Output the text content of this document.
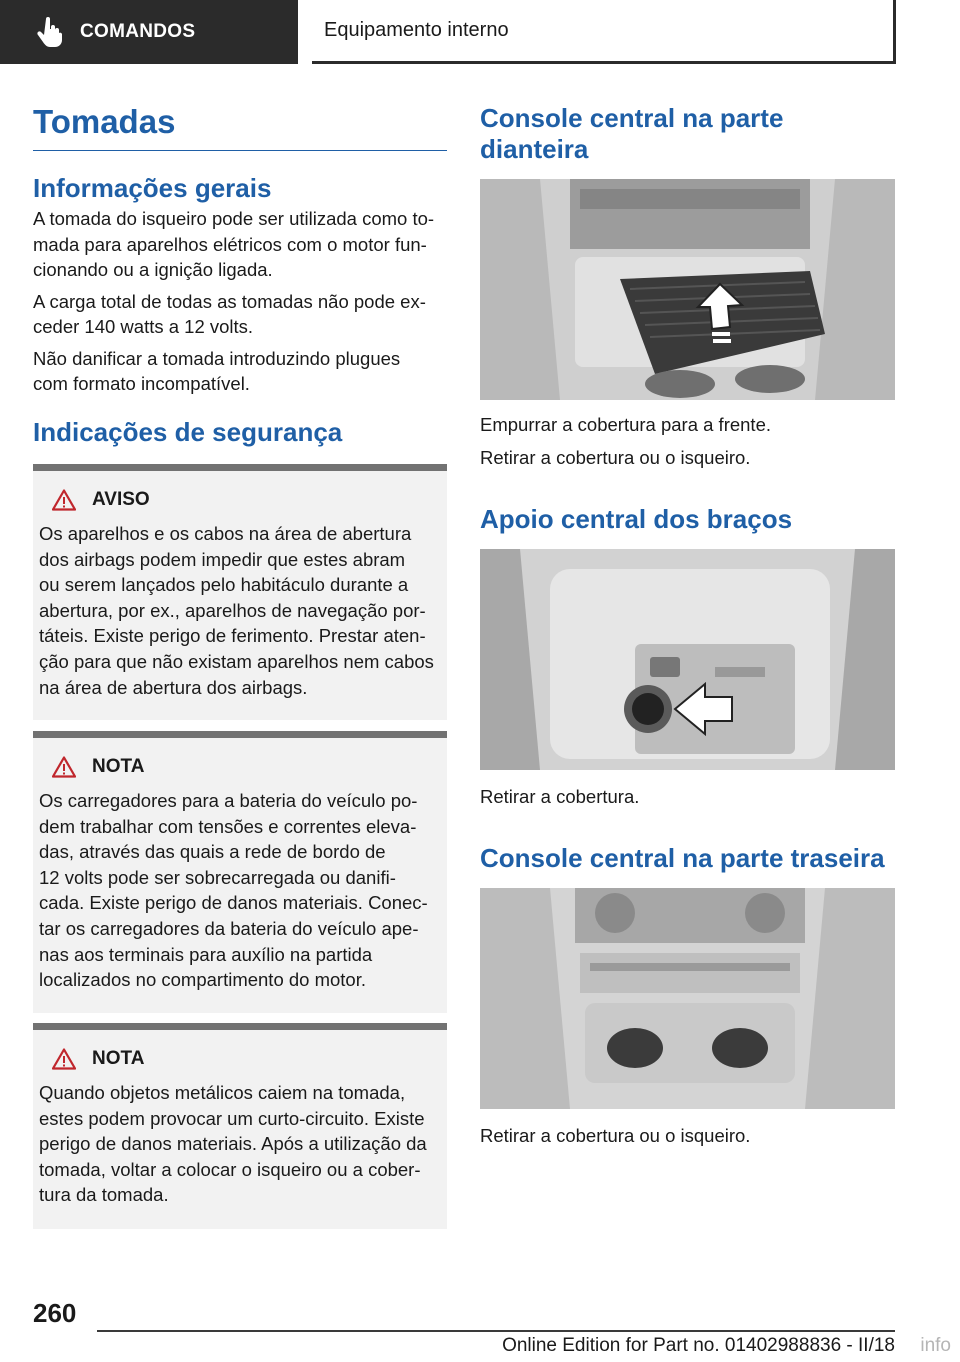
COMANDOS	Equipamento interno
Tomadas
Informações gerais
A tomada do isqueiro pode ser utilizada como to-
mada para aparelhos elétricos com o motor fun-
cionando ou a ignição ligada.
A carga total de todas as tomadas não pode ex-
ceder 140 watts a 12 volts.
Não danificar a tomada introduzindo plugues
com formato incompatível.
Indicações de segurança
AVISO
Os aparelhos e os cabos na área de abertura
dos airbags podem impedir que estes abram
ou serem lançados pelo habitáculo durante a
abertura, por ex., aparelhos de navegação por-
táteis. Existe perigo de ferimento. Prestar aten-
ção para que não existam aparelhos nem cabos
na área de abertura dos airbags.
NOTA
Os carregadores para a bateria do veículo po-
dem trabalhar com tensões e correntes eleva-
das, através das quais a rede de bordo de
12 volts pode ser sobrecarregada ou danifi-
cada. Existe perigo de danos materiais. Conec-
tar os carregadores da bateria do veículo ape-
nas aos terminais para auxílio na partida
localizados no compartimento do motor.
NOTA
Quando objetos metálicos caiem na tomada,
estes podem provocar um curto-circuito. Existe
perigo de danos materiais. Após a utilização da
tomada, voltar a colocar o isqueiro ou a cober-
tura da tomada.
Console central na parte
dianteira
Empurrar a cobertura para a frente.
Retirar a cobertura ou o isqueiro.
Apoio central dos braços
Retirar a cobertura.
Console central na parte traseira
Retirar a cobertura ou o isqueiro.
260
Online Edition for Part no. 01402988836 - II/18 info
